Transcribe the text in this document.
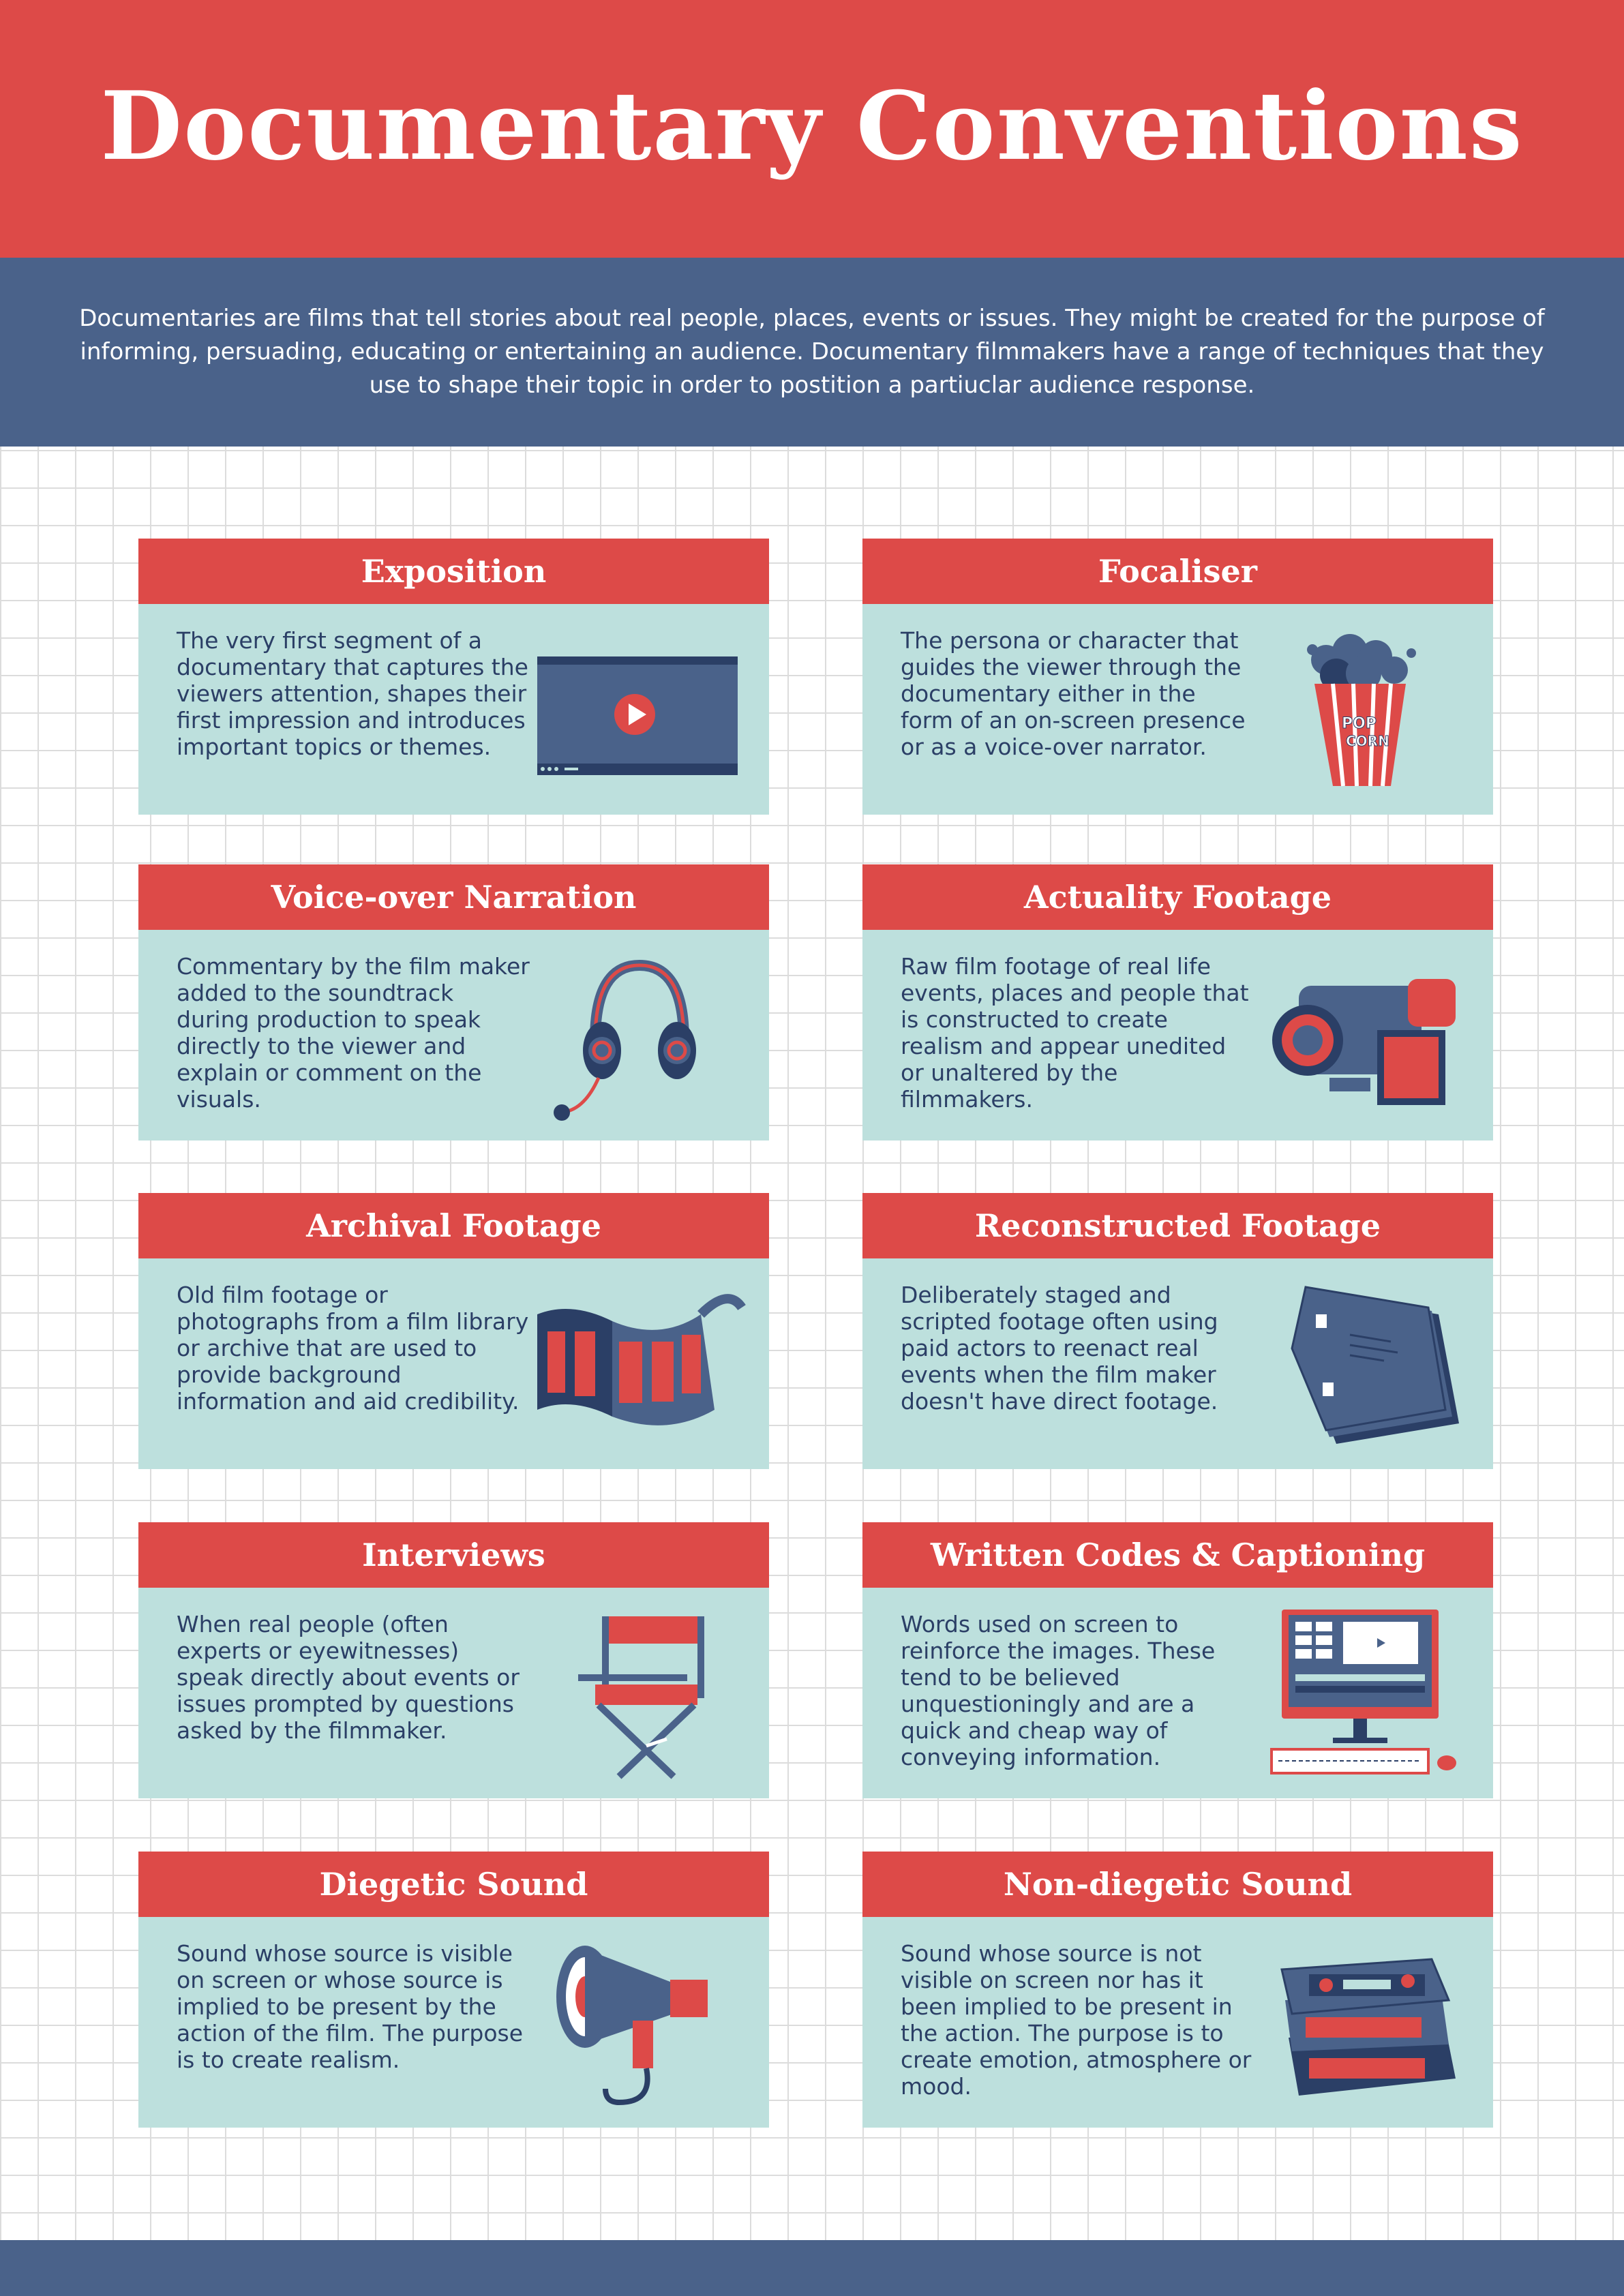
Documentary Conventions

Documentaries are films that tell stories about real people, places, events or issues. They might be created for the purpose of informing, persuading, educating or entertaining an audience. Documentary filmmakers have a range of techniques that they use to shape their topic in order to postition a partiuclar audience response.

Exposition

The very first segment of a documentary that captures the viewers attention, shapes their first impression and introduces important topics or themes.

Focaliser

The persona or character that guides the viewer through the documentary either in the form of an on-screen presence or as a voice-over narrator.

POP
CORN
Voice-over Narration

Commentary by the film maker added to the soundtrack during production to speak directly to the viewer and explain or comment on the visuals.

Actuality Footage

Raw film footage of real life events, places and people that is constructed to create realism and appear unedited or unaltered by the filmmakers.

Archival Footage

Old film footage or photographs from a film library or archive that are used to provide background information and aid credibility.

Reconstructed Footage

Deliberately staged and scripted footage often using paid actors to reenact real events when the film maker doesn't have direct footage.

Interviews

When real people (often experts or eyewitnesses) speak directly about events or issues prompted by questions asked by the filmmaker.

Written Codes & Captioning

Words used on screen to reinforce the images. These tend to be believed unquestioningly and are a quick and cheap way of conveying information.

Diegetic Sound

Sound whose source is visible on screen or whose source is implied to be present by the action of the film. The purpose is to create realism.

Non-diegetic Sound

Sound whose source is not visible on screen nor has it been implied to be present in the action. The purpose is to create emotion, atmosphere or mood.
